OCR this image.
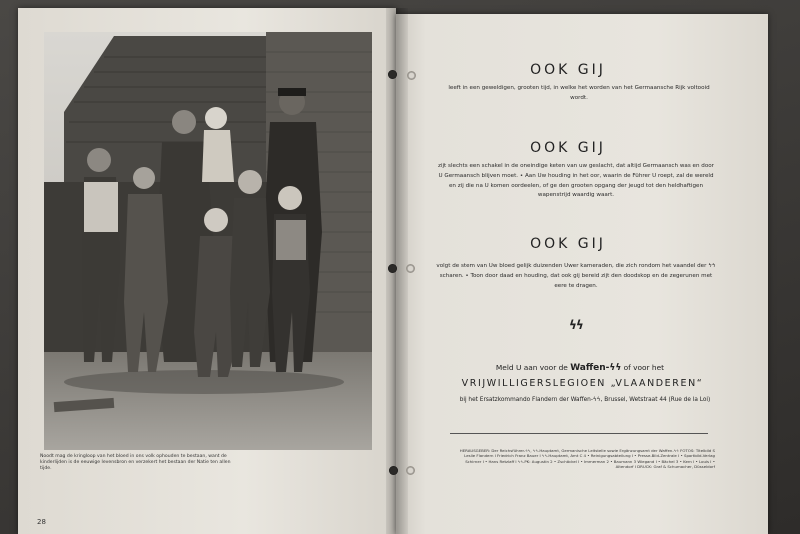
Noodt mag de kringloop van het bloed in ons volk ophouden te bestaan, want de kinderlijden is de eeuwige levensbron en verzekert het bestaan der Natie ten allen tijde.
28
OOK GIJ
leeft in een geweldigen, grooten tijd, in welke het worden van het Germaansche Rijk voltooid wordt.
OOK GIJ
zijt slechts een schakel in de oneindige keten van uw geslacht, dat altijd Germaansch was en door U Germaansch blijven moet. • Aan Uw houding in het oor, waarin de Führer U roept, zal de wereld en zij die na U komen oordeelen, of ge den grooten opgang der jeugd tot den heldhaftigen wapenstrijd waardig waart.
OOK GIJ
volgt de stem van Uw bloed gelijk duizenden Uwer kameraden, die zich rondom het vaandel der ϟϟ scharen. • Toon door daad en houding, dat ook gij bereid zijt den doodskop en de zegerunen met eere te dragen.
ϟϟ
Meld U aan voor de Waffen-ϟϟ of voor het
VRIJWILLIGERSLEGIOEN „VLAANDEREN“
bij het Ersatzkommando Flandern der Waffen-ϟϟ, Brussel, Wetstraat 44 (Rue de la Loi)
HERAUSGEBER: Der Reichsführer-ϟϟ, ϟϟ-Hauptamt, Germanische Leitstelle sowie Ergänzungsamt der Waffen-ϟϟ FOTOS: Titelbild S Leslie Flandern I Friedrich Franz Bauer I ϟϟ-Hauptamt, Amt C 4 • Reinigungsabteilung I • Presse-Bild-Zentrale I • Sportbild-Verlag Schirner I • Hans Retzlaff I ϟϟ-PK: Augustin 2 • Zschäckel I • Immerman 2 • Baumann 3 Wiegand I • Bächel 3 • Kern I • Louis I • Altendorf I DRUCK: Graf & Schumacher, Düsseldorf
